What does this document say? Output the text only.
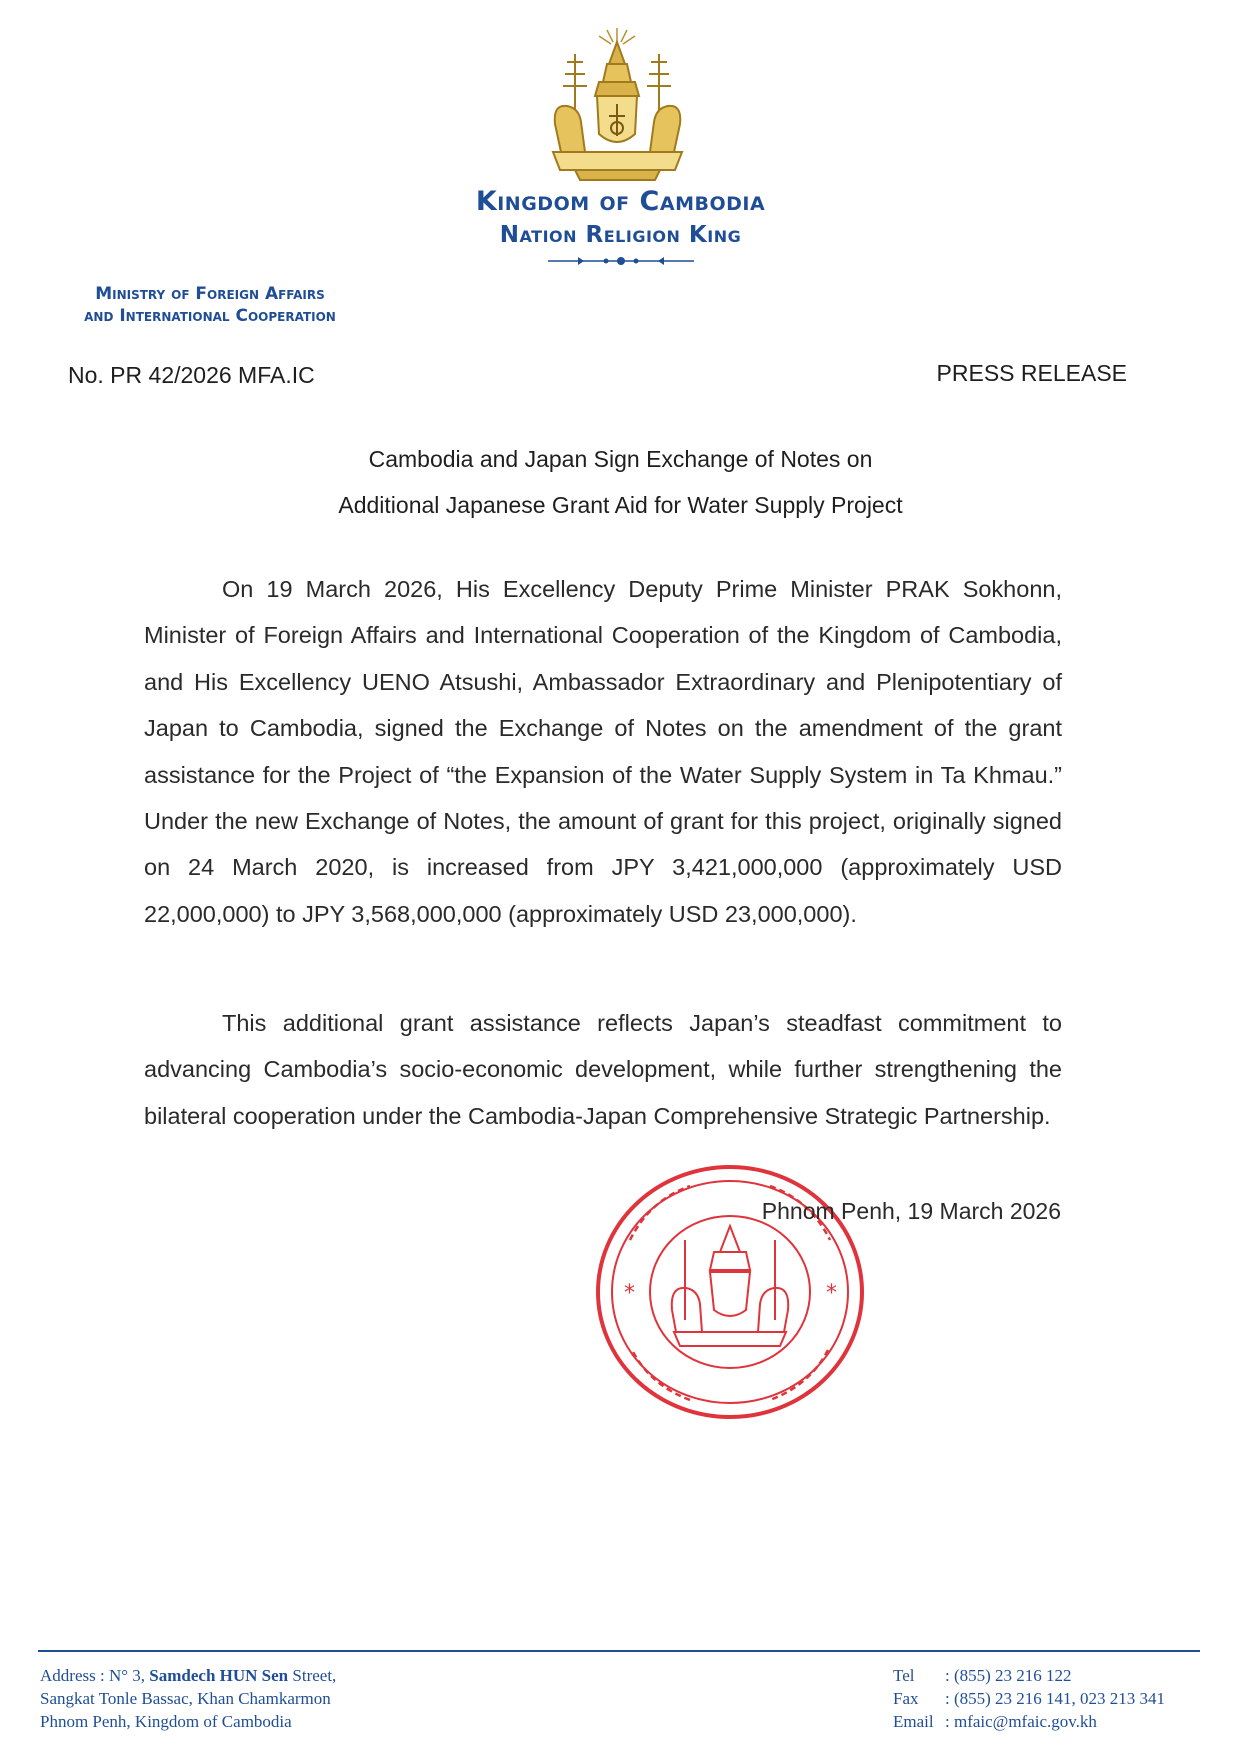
Kingdom of Cambodia
Nation Religion King
Ministry of Foreign Affairs
and International Cooperation
No. PR 42/2026 MFA.IC	PRESS RELEASE
Cambodia and Japan Sign Exchange of Notes on
Additional Japanese Grant Aid for Water Supply Project

On 19 March 2026, His Excellency Deputy Prime Minister PRAK Sokhonn, Minister of Foreign Affairs and International Cooperation of the Kingdom of Cambodia, and His Excellency UENO Atsushi, Ambassador Extraordinary and Plenipotentiary of Japan to Cambodia, signed the Exchange of Notes on the amendment of the grant assistance for the Project of “the Expansion of the Water Supply System in Ta Khmau.” Under the new Exchange of Notes, the amount of grant for this project, originally signed on 24 March 2020, is increased from JPY 3,421,000,000 (approximately USD 22,000,000) to JPY 3,568,000,000 (approximately USD 23,000,000).

This additional grant assistance reflects Japan’s steadfast commitment to advancing Cambodia’s socio-economic development, while further strengthening the bilateral cooperation under the Cambodia-Japan Comprehensive Strategic Partnership.

*	*
Phnom Penh, 19 March 2026
Address : N° 3, Samdech HUN Sen Street,
Sangkat Tonle Bassac, Khan Chamkarmon
Phnom Penh, Kingdom of Cambodia
Tel : (855) 23 216 122
Fax : (855) 23 216 141, 023 213 341
Email : mfaic@mfaic.gov.kh
